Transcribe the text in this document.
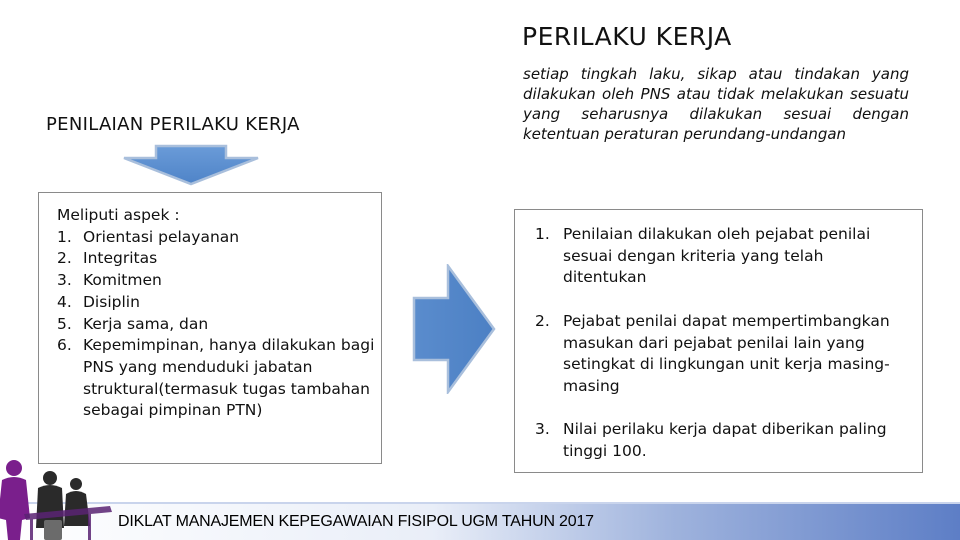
PERILAKU KERJA
setiap tingkah laku, sikap atau tindakan yang dilakukan oleh PNS atau tidak melakukan sesuatu yang seharusnya dilakukan sesuai dengan ketentuan peraturan perundang-undangan
PENILAIAN PERILAKU KERJA

Meliputi aspek :

1. Orientasi pelayanan
2. Integritas
3. Komitmen
4. Disiplin
5. Kerja sama, dan
6. Kepemimpinan, hanya dilakukan bagi PNS yang menduduki jabatan struktural(termasuk tugas tambahan sebagai pimpinan PTN)
1. Penilaian dilakukan oleh pejabat penilai sesuai dengan kriteria yang telah ditentukan
2. Pejabat penilai dapat mempertimbangkan masukan dari pejabat penilai lain yang setingkat di lingkungan unit kerja masing-masing
3. Nilai perilaku kerja dapat diberikan paling tinggi 100.
DIKLAT MANAJEMEN KEPEGAWAIAN FISIPOL UGM TAHUN 2017
